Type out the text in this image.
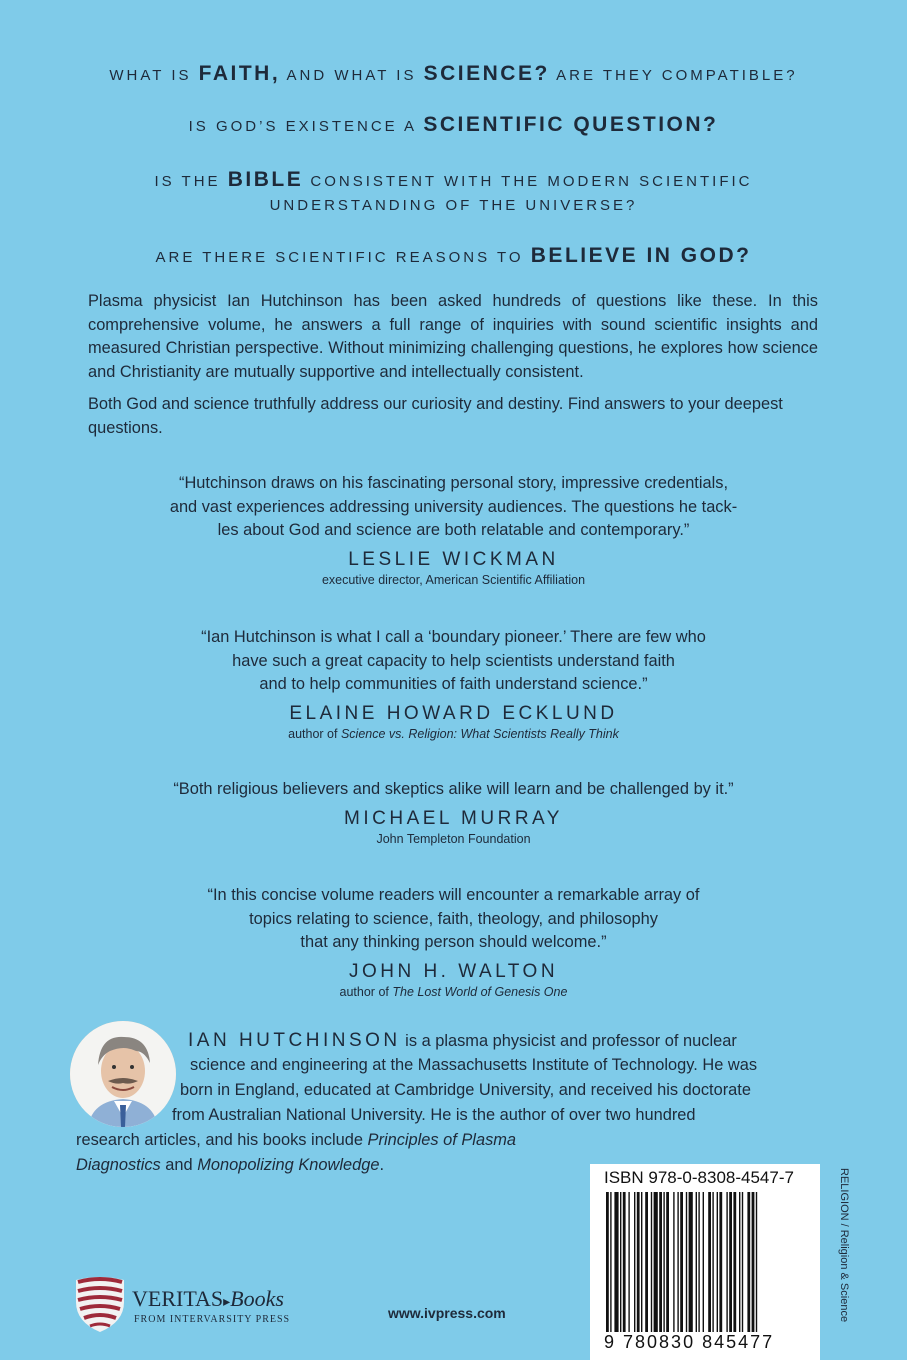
WHAT IS FAITH, AND WHAT IS SCIENCE? ARE THEY COMPATIBLE?
IS GOD’S EXISTENCE A SCIENTIFIC QUESTION?
IS THE BIBLE CONSISTENT WITH THE MODERN SCIENTIFIC
UNDERSTANDING OF THE UNIVERSE?
ARE THERE SCIENTIFIC REASONS TO BELIEVE IN GOD?
Plasma physicist Ian Hutchinson has been asked hundreds of questions like these. In this comprehensive volume, he answers a full range of inquiries with sound scientific insights and measured Christian perspective. Without minimizing challenging questions, he explores how science and Christianity are mutually supportive and intellectually consistent.
Both God and science truthfully address our curiosity and destiny. Find answers to your deepest questions.
“Hutchinson draws on his fascinating personal story, impressive credentials,
and vast experiences addressing university audiences. The questions he tack-
les about God and science are both relatable and contemporary.”
LESLIE WICKMAN
executive director, American Scientific Affiliation
“Ian Hutchinson is what I call a ‘boundary pioneer.’ There are few who
have such a great capacity to help scientists understand faith
and to help communities of faith understand science.”
ELAINE HOWARD ECKLUND
author of Science vs. Religion: What Scientists Really Think
“Both religious believers and skeptics alike will learn and be challenged by it.”
MICHAEL MURRAY
John Templeton Foundation
“In this concise volume readers will encounter a remarkable array of
topics relating to science, faith, theology, and philosophy
that any thinking person should welcome.”
JOHN H. WALTON
author of The Lost World of Genesis One
IAN HUTCHINSON is a plasma physicist and professor of nuclear
science and engineering at the Massachusetts Institute of Technology. He was
born in England, educated at Cambridge University, and received his doctorate
from Australian National University. He is the author of over two hundred
research articles, and his books include Principles of Plasma
Diagnostics and Monopolizing Knowledge.
ISBN 978-0-8308-4547-7
9 780830 845477
RELIGION / Religion & Science
VERITAS▸Books
FROM INTERVARSITY PRESS	www.ivpress.com
